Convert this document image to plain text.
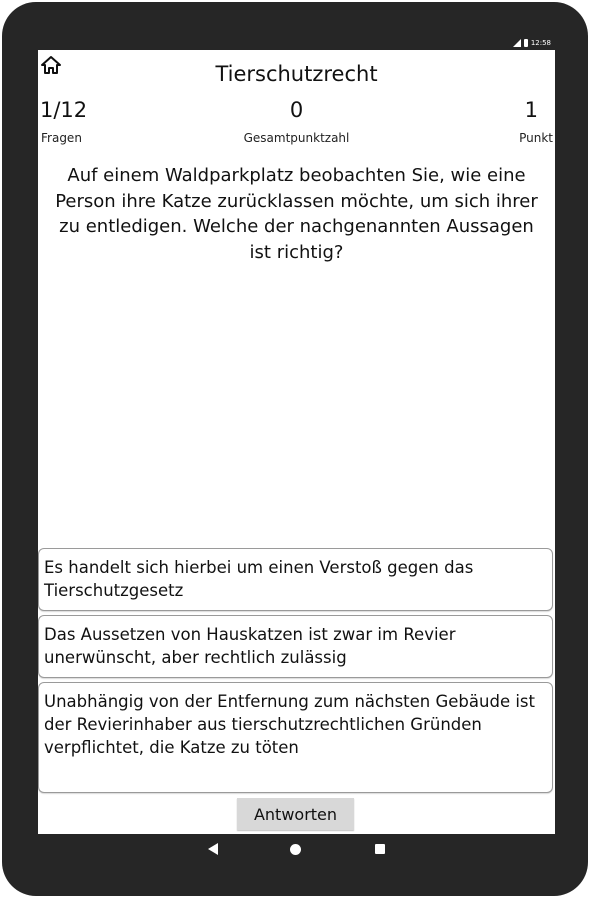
12:58
Tierschutzrecht
1/12
Fragen
0
Gesamtpunktzahl
1
Punkt
Auf einem Waldparkplatz beobachten Sie, wie eine Person ihre Katze zurücklassen möchte, um sich ihrer zu entledigen. Welche der nachgenannten Aussagen ist richtig?
Es handelt sich hierbei um einen Verstoß gegen das Tierschutzgesetz
Das Aussetzen von Hauskatzen ist zwar im Revier unerwünscht, aber rechtlich zulässig
Unabhängig von der Entfernung zum nächsten Gebäude ist der Revierinhaber aus tierschutzrechtlichen Gründen verpflichtet, die Katze zu töten
Antworten
